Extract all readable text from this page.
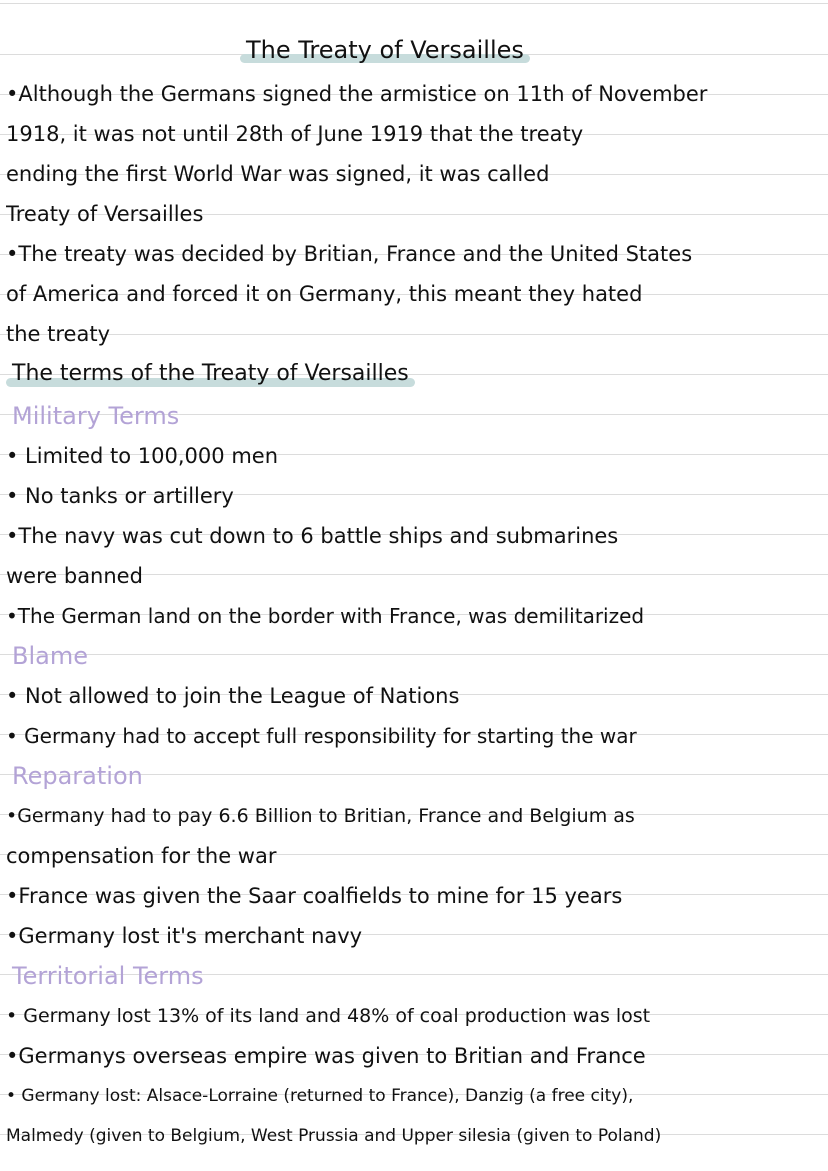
The Treaty of Versailles
•Although the Germans signed the armistice on 11th of November
1918, it was not until 28th of June 1919 that the treaty
ending the first World War was signed, it was called
Treaty of Versailles
•The treaty was decided by Britian, France and the United States
of America and forced it on Germany, this meant they hated
the treaty
The terms of the Treaty of Versailles
Military Terms
• Limited to 100,000 men
• No tanks or artillery
•The navy was cut down to 6 battle ships and submarines
were banned
•The German land on the border with France, was demilitarized
Blame
• Not allowed to join the League of Nations
• Germany had to accept full responsibility for starting the war
Reparation
•Germany had to pay 6.6 Billion to Britian, France and Belgium as
compensation for the war
•France was given the Saar coalfields to mine for 15 years
•Germany lost it's merchant navy
Territorial Terms
• Germany lost 13% of its land and 48% of coal production was lost
•Germanys overseas empire was given to Britian and France
• Germany lost: Alsace-Lorraine (returned to France), Danzig (a free city),
Malmedy (given to Belgium, West Prussia and Upper silesia (given to Poland)
